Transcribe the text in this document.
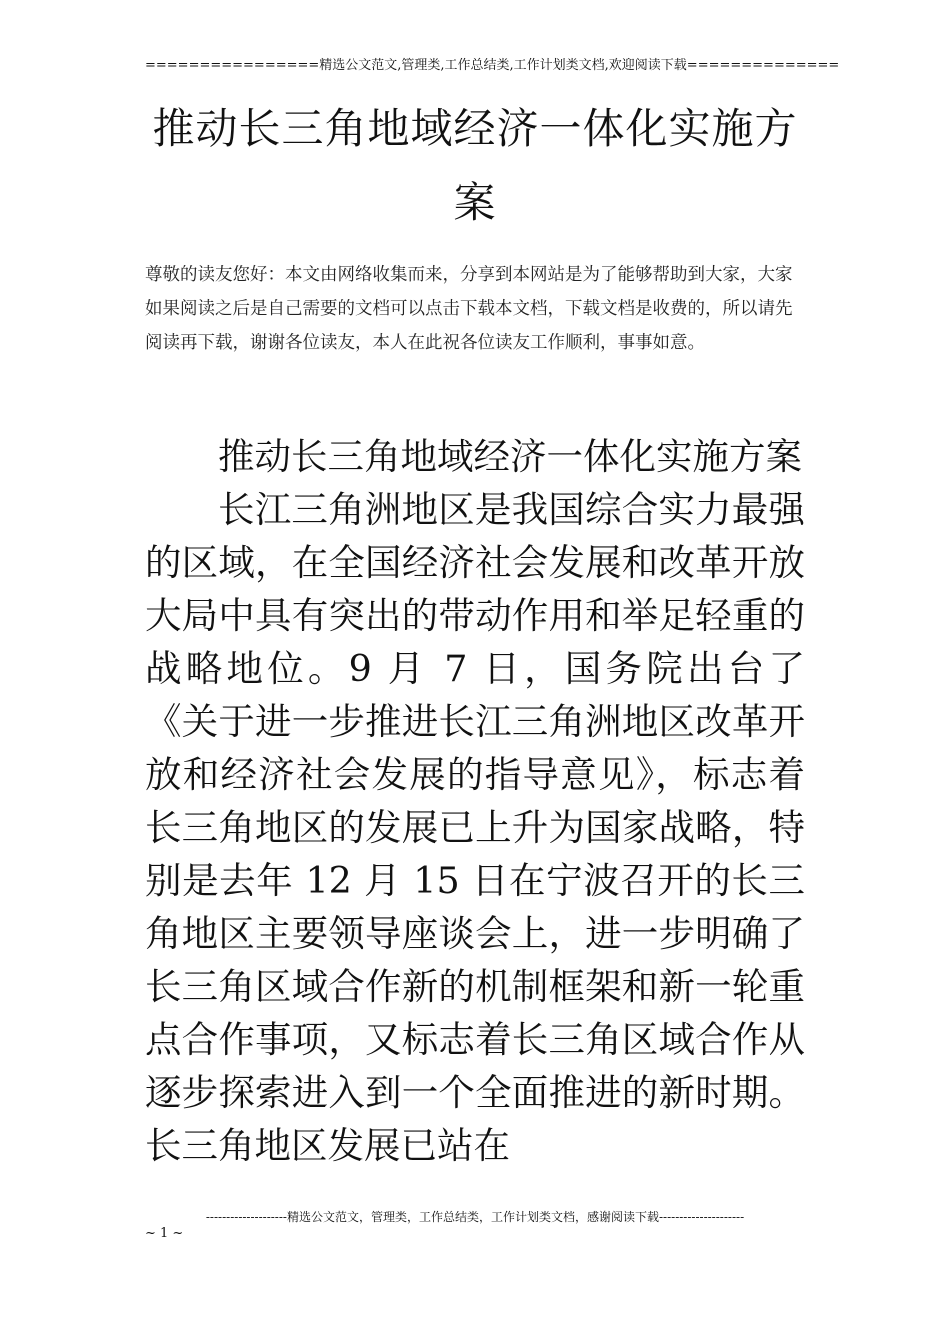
================精选公文范文,管理类,工作总结类,工作计划类文档,欢迎阅读下载==============
推动长三角地域经济一体化实施方案
尊敬的读友您好：本文由网络收集而来，分享到本网站是为了能够帮助到大家，大家如果阅读之后是自己需要的文档可以点击下载本文档，下载文档是收费的，所以请先阅读再下载，谢谢各位读友，本人在此祝各位读友工作顺利，事事如意。

推动长三角地域经济一体化实施方案

长江三角洲地区是我国综合实力最强的区域，在全国经济社会发展和改革开放大局中具有突出的带动作用和举足轻重的战略地位。9 月 7 日，国务院出台了《关于进一步推进长江三角洲地区改革开放和经济社会发展的指导意见》，标志着长三角地区的发展已上升为国家战略，特别是去年 12 月 15 日在宁波召开的长三角地区主要领导座谈会上，进一步明确了长三角区域合作新的机制框架和新一轮重点合作事项，又标志着长三角区域合作从逐步探索进入到一个全面推进的新时期。长三角地区发展已站在

--------------------精选公文范文，管理类，工作总结类，工作计划类文档，感谢阅读下载---------------------
~ 1 ~
